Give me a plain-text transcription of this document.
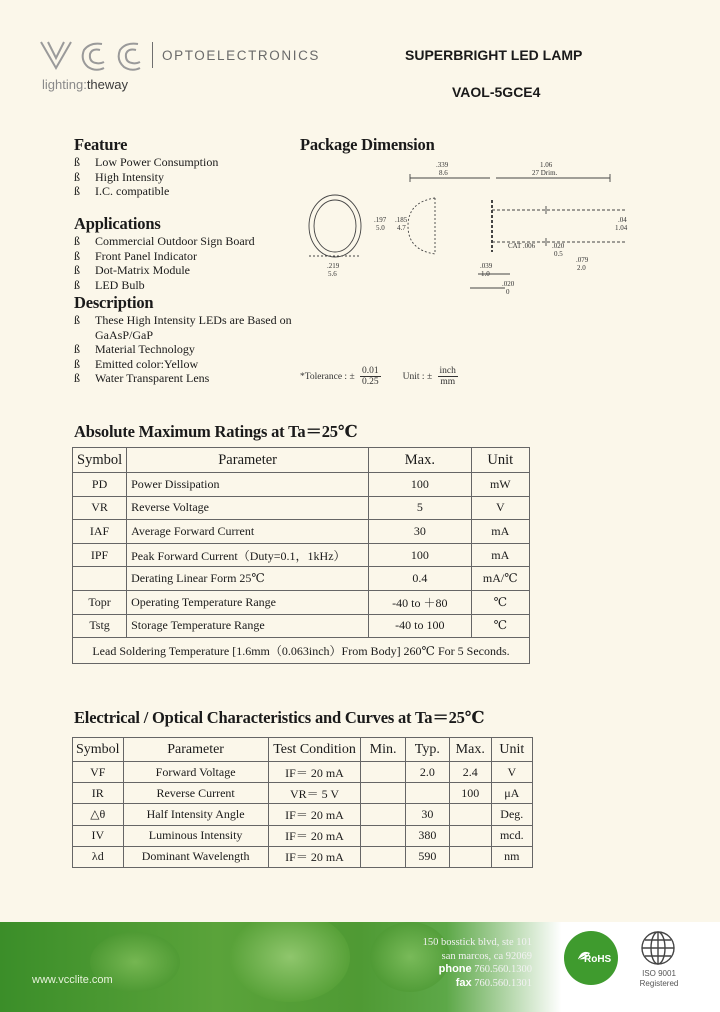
OPTOELECTRONICS
lighting:theway
SUPERBRIGHT LED LAMP
VAOL-5GCE4
Feature
ß Low Power Consumption
ß High Intensity
ß I.C. compatible
Applications
ß Commercial Outdoor Sign Board
ß Front Panel Indicator
ß Dot-Matrix Module
ß LED Bulb
Description
ß These High Intensity LEDs are Based on
GaAsP/GaP
ß Material Technology
ß Emitted color:Yellow
ß Water Transparent Lens
Package Dimension
.339
8.6
1.06
27 Drim.
.197
5.0
.185
4.7
.219
5.6
CAT .006 .020
0.5
.04
1.04
.039
1.0
.079
2.0
.020
0
*Tolerance : ± $\frac{0.01}{0.25}$ Unit : ± $\frac{\text{inch}}{mm}$
Absolute Maximum Ratings at Ta＝25℃
Symbol	Parameter	Max.	Unit
PD	Power Dissipation	100	mW
VR	Reverse Voltage	5	V
IAF	Average Forward Current	30	mA
IPF	Peak Forward Current（Duty=0.1，1kHz）	100	mA
	Derating Linear Form 25℃	0.4	mA/℃
Topr	Operating Temperature Range	-40 to ＋80	℃
Tstg	Storage Temperature Range	-40 to 100	℃
Lead Soldering Temperature [1.6mm（0.063inch）From Body] 260℃ For 5 Seconds.			
Electrical / Optical Characteristics and Curves at Ta＝25℃
Symbol	Parameter	Test Condition	Min.	Typ.	Max.	Unit
VF	Forward Voltage	IF＝ 20 mA		2.0	2.4	V
IR	Reverse Current	VR＝ 5 V			100	μA
△θ	Half Intensity Angle	IF＝ 20 mA		30		Deg.
IV	Luminous Intensity	IF＝ 20 mA		380		mcd.
λd	Dominant Wavelength	IF＝ 20 mA		590		nm
www.vcclite.com
150 bosstick blvd, ste 101
san marcos, ca 92069
phone 760.560.1300
fax 760.560.1301
RoHS
ISO 9001
Registered
